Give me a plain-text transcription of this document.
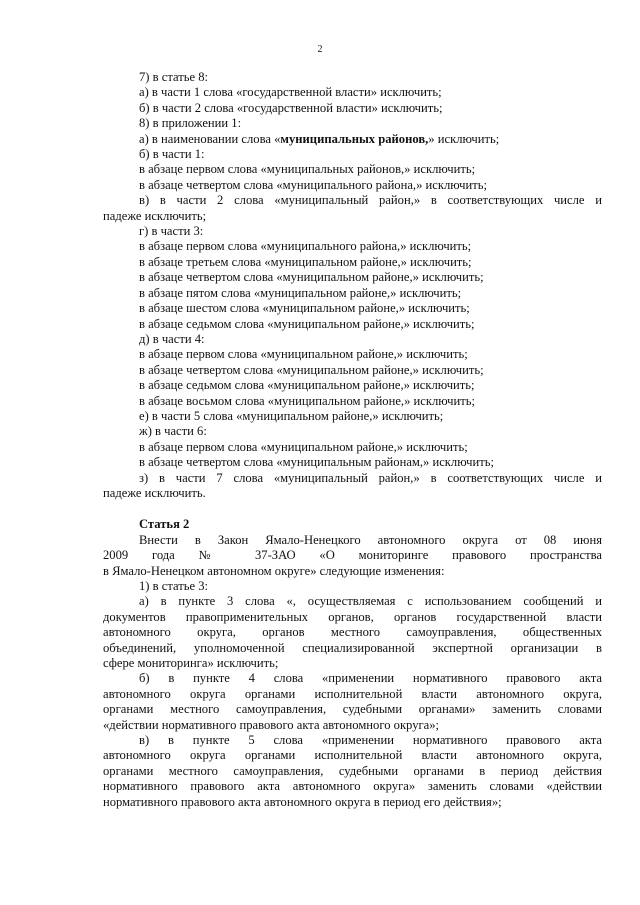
2

7) в статье 8:

а) в части 1 слова «государственной власти» исключить;

б) в части 2 слова «государственной власти» исключить;

8) в приложении 1:

а) в наименовании слова «муниципальных районов,» исключить;

б) в части 1:

в абзаце первом слова «муниципальных районов,» исключить;

в абзаце четвертом слова «муниципального района,» исключить;

в) в части 2 слова «муниципальный район,» в соответствующих числе и

падеже исключить;

г) в части 3:

в абзаце первом слова «муниципального района,» исключить;

в абзаце третьем слова «муниципальном районе,» исключить;

в абзаце четвертом слова «муниципальном районе,» исключить;

в абзаце пятом слова «муниципальном районе,» исключить;

в абзаце шестом слова «муниципальном районе,» исключить;

в абзаце седьмом слова «муниципальном районе,» исключить;

д) в части 4:

в абзаце первом слова «муниципальном районе,» исключить;

в абзаце четвертом слова «муниципальном районе,» исключить;

в абзаце седьмом слова «муниципальном районе,» исключить;

в абзаце восьмом слова «муниципальном районе,» исключить;

е) в части 5 слова «муниципальном районе,» исключить;

ж) в части 6:

в абзаце первом слова «муниципальном районе,» исключить;

в абзаце четвертом слова «муниципальным районам,» исключить;

з) в части 7 слова «муниципальный район,» в соответствующих числе и

падеже исключить.

Статья 2

Внести в Закон Ямало-Ненецкого автономного округа от 08 июня

2009 года № 37-ЗАО «О мониторинге правового пространства

в Ямало-Ненецком автономном округе» следующие изменения:

1) в статье 3:

а) в пункте 3 слова «, осуществляемая с использованием сообщений и

документов правоприменительных органов, органов государственной власти

автономного округа, органов местного самоуправления, общественных

объединений, уполномоченной специализированной экспертной организации в

сфере мониторинга» исключить;

б) в пункте 4 слова «применении нормативного правового акта

автономного округа органами исполнительной власти автономного округа,

органами местного самоуправления, судебными органами» заменить словами

«действии нормативного правового акта автономного округа»;

в) в пункте 5 слова «применении нормативного правового акта

автономного округа органами исполнительной власти автономного округа,

органами местного самоуправления, судебными органами в период действия

нормативного правового акта автономного округа» заменить словами «действии

нормативного правового акта автономного округа в период его действия»;
